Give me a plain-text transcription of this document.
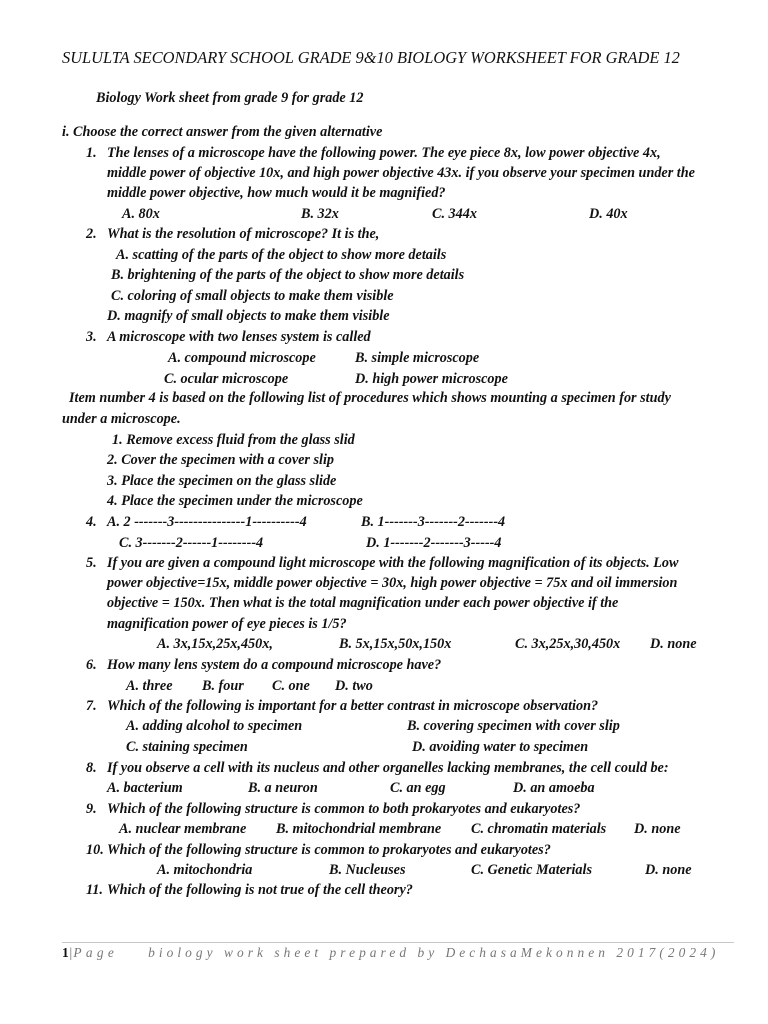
SULULTA SECONDARY SCHOOL GRADE 9&10 BIOLOGY WORKSHEET FOR GRADE 12
Biology Work sheet from grade 9 for grade 12
i. Choose the correct answer from the given alternative
1. The lenses of a microscope have the following power. The eye piece 8x, low power objective 4x,
middle power of objective 10x, and high power objective 43x. if you observe your specimen under the
middle power objective, how much would it be magnified?
A. 80x	B. 32x	C. 344x	D. 40x
2. What is the resolution of microscope? It is the,
A. scatting of the parts of the object to show more details
B. brightening of the parts of the object to show more details
C. coloring of small objects to make them visible
D. magnify of small objects to make them visible
3. A microscope with two lenses system is called
A. compound microscope	B. simple microscope
C. ocular microscope	D. high power microscope
Item number 4 is based on the following list of procedures which shows mounting a specimen for study
under a microscope.
1. Remove excess fluid from the glass slid
2. Cover the specimen with a cover slip
3. Place the specimen on the glass slide
4. Place the specimen under the microscope
4. A. 2 -------3---------------1----------4	B. 1-------3-------2-------4
C. 3-------2------1--------4	D. 1-------2-------3-----4
5. If you are given a compound light microscope with the following magnification of its objects. Low
power objective=15x, middle power objective = 30x, high power objective = 75x and oil immersion
objective = 150x. Then what is the total magnification under each power objective if the
magnification power of eye pieces is 1/5?
A. 3x,15x,25x,450x,	B. 5x,15x,50x,150x	C. 3x,25x,30,450x D. none
6. How many lens system do a compound microscope have?
A. three B. four C. one D. two
7. Which of the following is important for a better contrast in microscope observation?
A. adding alcohol to specimen	B. covering specimen with cover slip
C. staining specimen	D. avoiding water to specimen
8. If you observe a cell with its nucleus and other organelles lacking membranes, the cell could be:
A. bacterium	B. a neuron	C. an egg	D. an amoeba
9. Which of the following structure is common to both prokaryotes and eukaryotes?
A. nuclear membrane B. mitochondrial membrane C. chromatin materials D. none
10. Which of the following structure is common to prokaryotes and eukaryotes?
A. mitochondria	B. Nucleuses	C. Genetic Materials	D. none
11. Which of the following is not true of the cell theory?
1|Page biology work sheet prepared by DechasaMekonnen 2017(2024)
